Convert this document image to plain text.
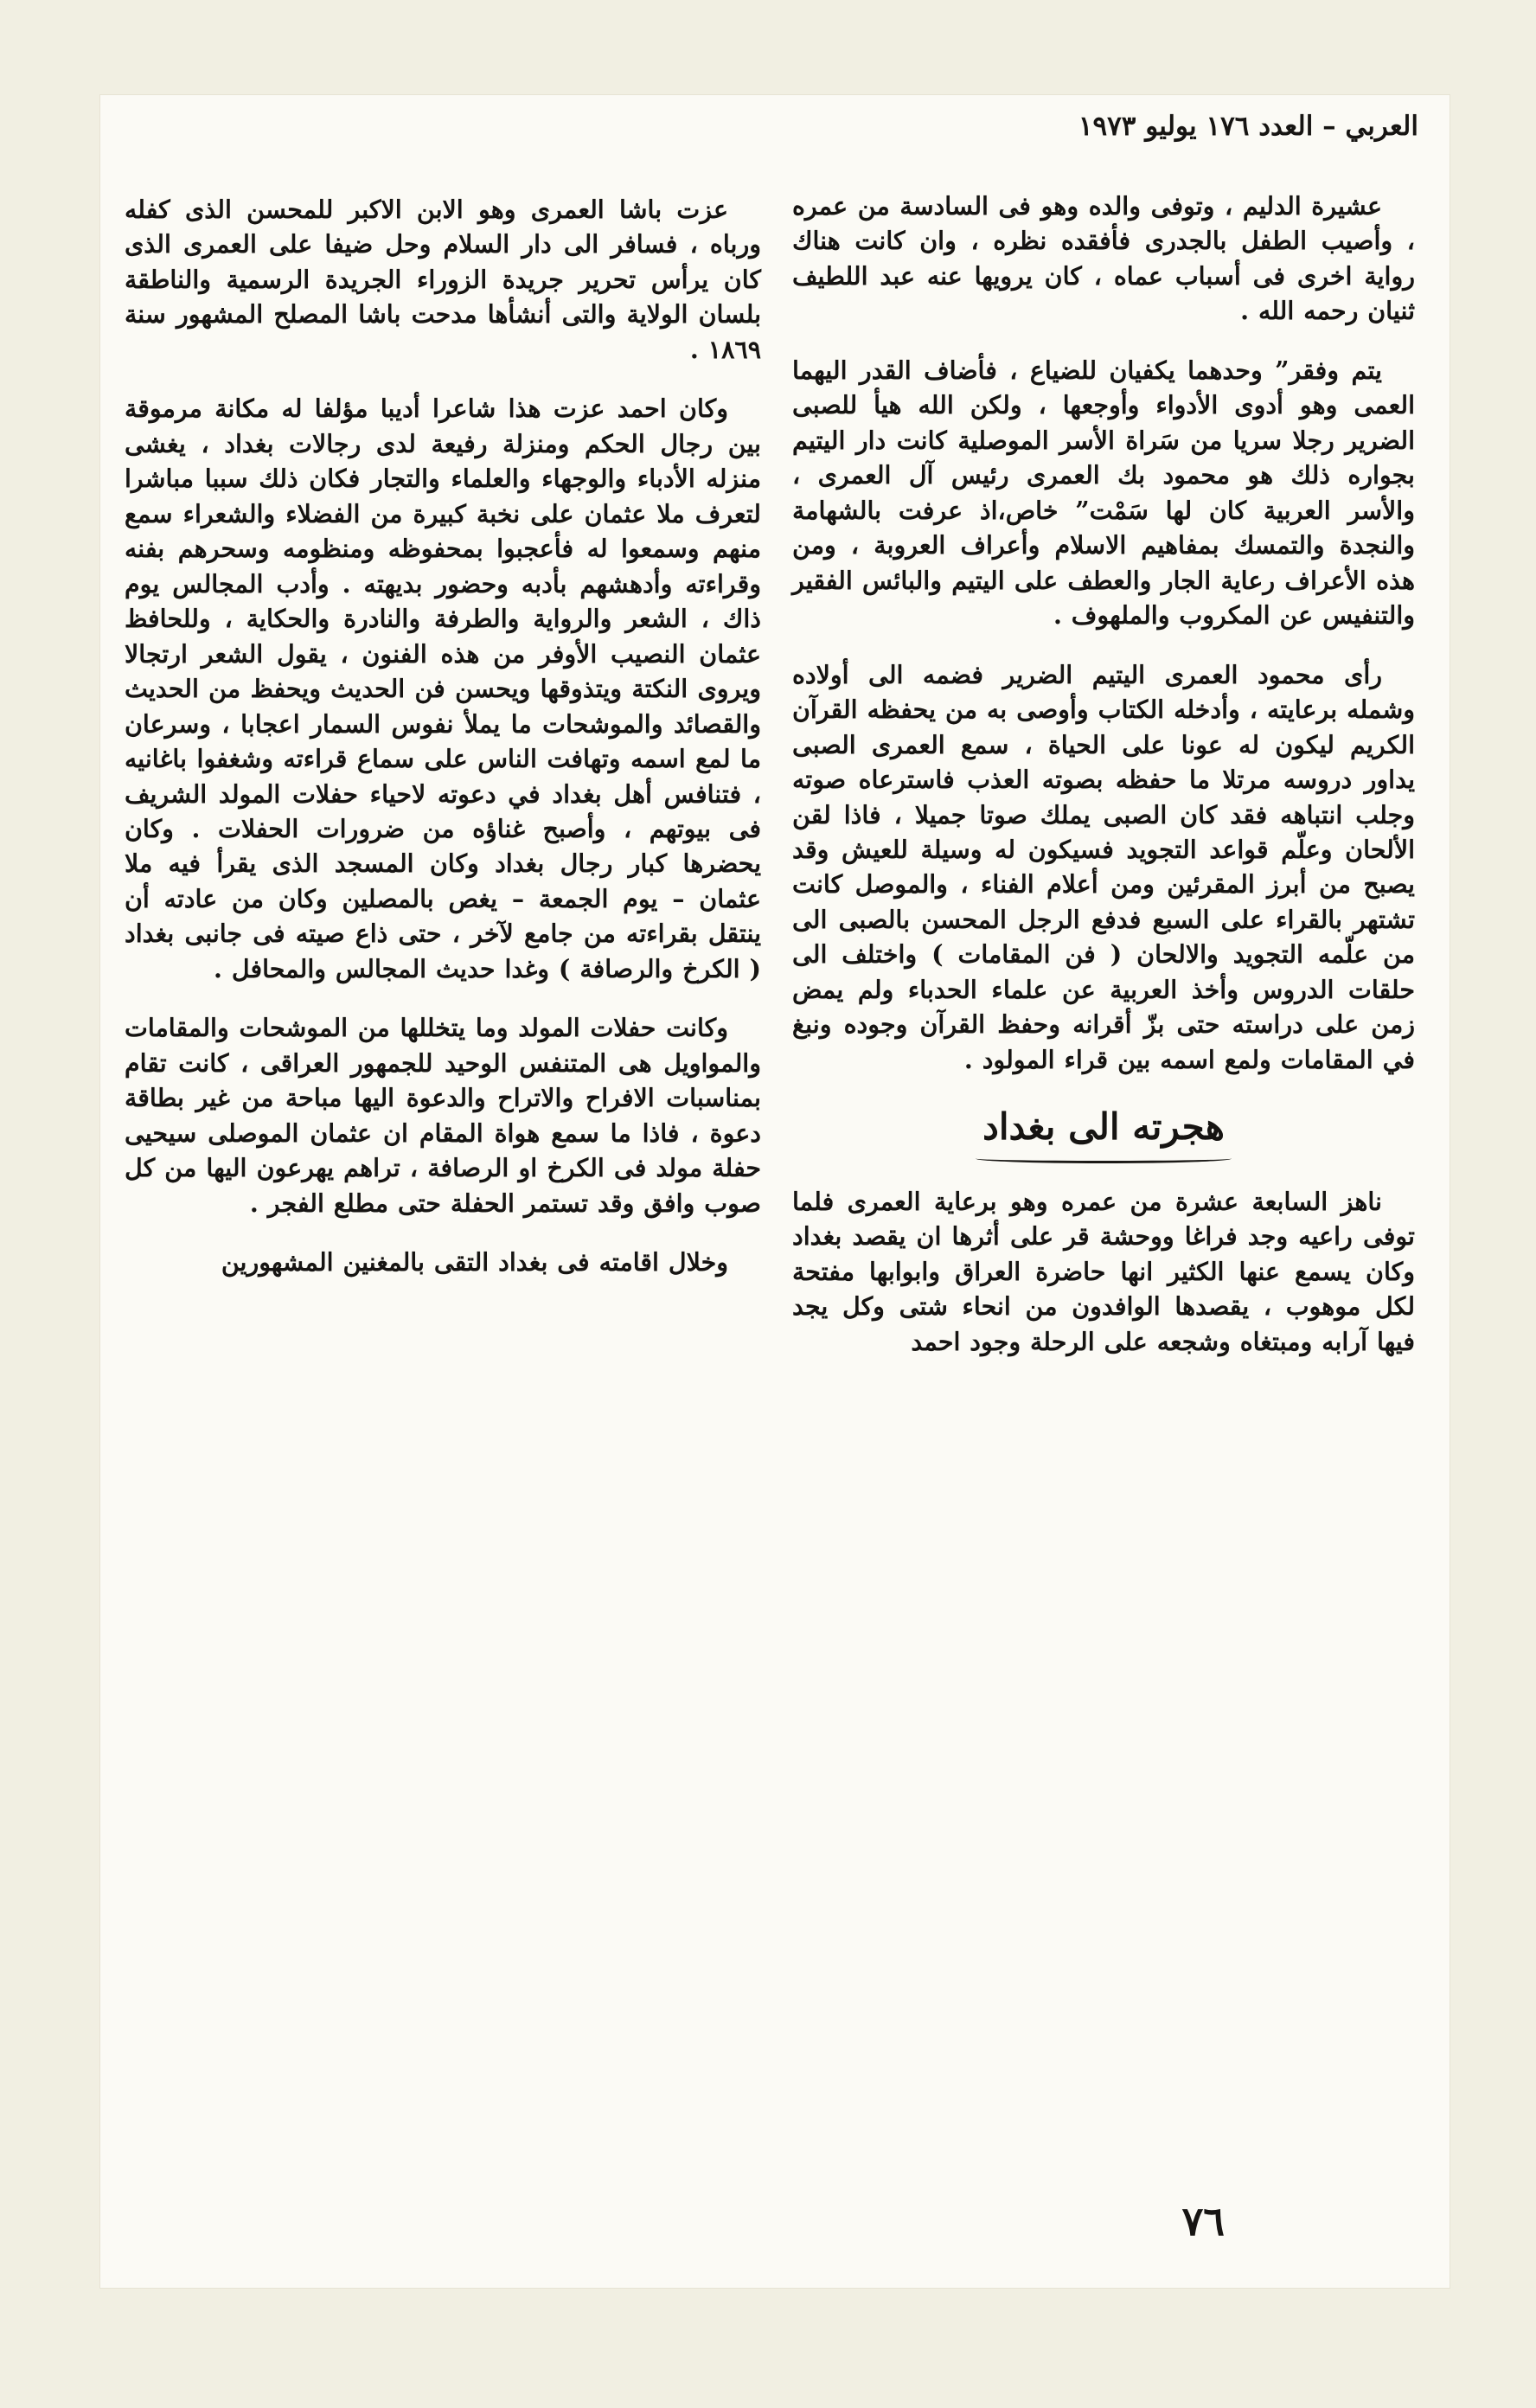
العربي – العدد ١٧٦ يوليو ١٩٧٣

عشيرة الدليم ، وتوفى والده وهو فى السادسة من عمره ، وأصيب الطفل بالجدرى فأفقده نظره ، وان كانت هناك رواية اخرى فى أسباب عماه ، كان يرويها عنه عبد اللطيف ثنيان رحمه الله .

يتم وفقر” وحدهما يكفيان للضياع ، فأضاف القدر اليهما العمى وهو أدوى الأدواء وأوجعها ، ولكن الله هيأ للصبى الضرير رجلا سريا من سَراة الأسر الموصلية كانت دار اليتيم بجواره ذلك هو محمود بك العمرى رئيس آل العمرى ، والأسر العربية كان لها سَمْت” خاص،اذ عرفت بالشهامة والنجدة والتمسك بمفاهيم الاسلام وأعراف العروبة ، ومن هذه الأعراف رعاية الجار والعطف على اليتيم والبائس الفقير والتنفيس عن المكروب والملهوف .

رأى محمود العمرى اليتيم الضرير فضمه الى أولاده وشمله برعايته ، وأدخله الكتاب وأوصى به من يحفظه القرآن الكريم ليكون له عونا على الحياة ، سمع العمرى الصبى يداور دروسه مرتلا ما حفظه بصوته العذب فاسترعاه صوته وجلب انتباهه فقد كان الصبى يملك صوتا جميلا ، فاذا لقن الألحان وعلّم قواعد التجويد فسيكون له وسيلة للعيش وقد يصبح من أبرز المقرئين ومن أعلام الفناء ، والموصل كانت تشتهر بالقراء على السبع فدفع الرجل المحسن بالصبى الى من علّمه التجويد والالحان ( فن المقامات ) واختلف الى حلقات الدروس وأخذ العربية عن علماء الحدباء ولم يمض زمن على دراسته حتى بزّ أقرانه وحفظ القرآن وجوده ونبغ في المقامات ولمع اسمه بين قراء المولود .

هجرته الى بغداد

ناهز السابعة عشرة من عمره وهو برعاية العمرى فلما توفى راعيه وجد فراغا ووحشة قر على أثرها ان يقصد بغداد وكان يسمع عنها الكثير انها حاضرة العراق وابوابها مفتحة لكل موهوب ، يقصدها الوافدون من انحاء شتى وكل يجد فيها آرابه ومبتغاه وشجعه على الرحلة وجود احمد

عزت باشا العمرى وهو الابن الاكبر للمحسن الذى كفله ورباه ، فسافر الى دار السلام وحل ضيفا على العمرى الذى كان يرأس تحرير جريدة الزوراء الجريدة الرسمية والناطقة بلسان الولاية والتى أنشأها مدحت باشا المصلح المشهور سنة ١٨٦٩ .

وكان احمد عزت هذا شاعرا أديبا مؤلفا له مكانة مرموقة بين رجال الحكم ومنزلة رفيعة لدى رجالات بغداد ، يغشى منزله الأدباء والوجهاء والعلماء والتجار فكان ذلك سببا مباشرا لتعرف ملا عثمان على نخبة كبيرة من الفضلاء والشعراء سمع منهم وسمعوا له فأعجبوا بمحفوظه ومنظومه وسحرهم بفنه وقراءته وأدهشهم بأدبه وحضور بديهته . وأدب المجالس يوم ذاك ، الشعر والرواية والطرفة والنادرة والحكاية ، وللحافظ عثمان النصيب الأوفر من هذه الفنون ، يقول الشعر ارتجالا ويروى النكتة ويتذوقها ويحسن فن الحديث ويحفظ من الحديث والقصائد والموشحات ما يملأ نفوس السمار اعجابا ، وسرعان ما لمع اسمه وتهافت الناس على سماع قراءته وشغفوا باغانيه ، فتنافس أهل بغداد في دعوته لاحياء حفلات المولد الشريف فى بيوتهم ، وأصبح غناؤه من ضرورات الحفلات . وكان يحضرها كبار رجال بغداد وكان المسجد الذى يقرأ فيه ملا عثمان – يوم الجمعة – يغص بالمصلين وكان من عادته أن ينتقل بقراءته من جامع لآخر ، حتى ذاع صيته فى جانبى بغداد ( الكرخ والرصافة ) وغدا حديث المجالس والمحافل .

وكانت حفلات المولد وما يتخللها من الموشحات والمقامات والمواويل هى المتنفس الوحيد للجمهور العراقى ، كانت تقام بمناسبات الافراح والاتراح والدعوة اليها مباحة من غير بطاقة دعوة ، فاذا ما سمع هواة المقام ان عثمان الموصلى سيحيى حفلة مولد فى الكرخ او الرصافة ، تراهم يهرعون اليها من كل صوب وافق وقد تستمر الحفلة حتى مطلع الفجر .

وخلال اقامته فى بغداد التقى بالمغنين المشهورين

٧٦
